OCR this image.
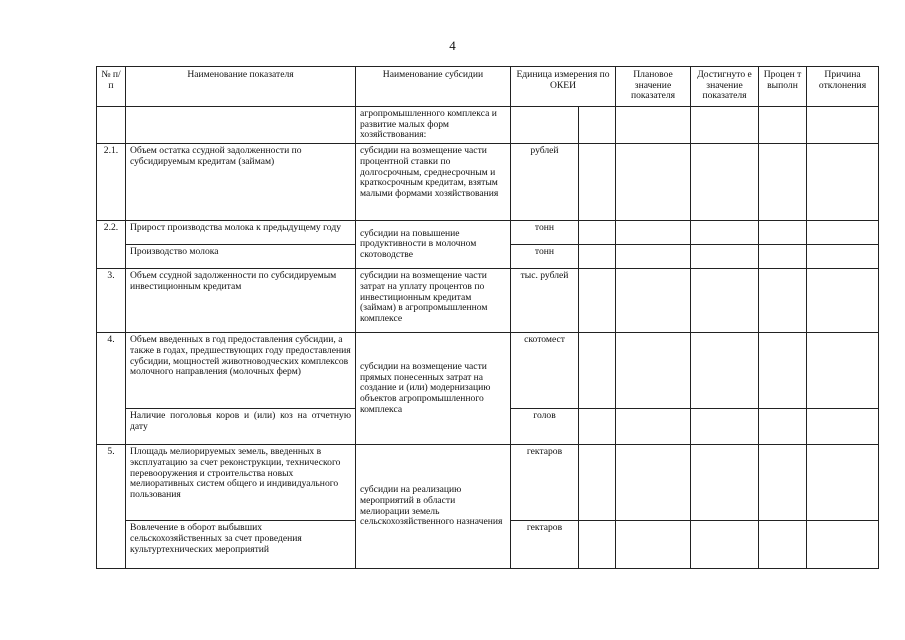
4
№ п/п	Наименование показателя	Наименование субсидии	Единица измерения по ОКЕИ		Плановое значение показателя	Достигнуто е значение показателя	Процен т выполн	Причина отклонения
		агропромышленного комплекса и развитие малых форм хозяйствования:						
2.1.	Объем остатка ссудной задолженности по субсидируемым кредитам (займам)	субсидии на возмещение части процентной ставки по долгосрочным, среднесрочным и краткосрочным кредитам, взятым малыми формами хозяйствования	рублей					
2.2.	Прирост производства молока к предыдущему году	субсидии на повышение продуктивности в молочном скотоводстве	тонн					
	Производство молока		тонн					
3.	Объем ссудной задолженности по субсидируемым инвестиционным кредитам	субсидии на возмещение части затрат на уплату процентов по инвестиционным кредитам (займам) в агропромышленном комплексе	тыс. рублей					
4.	Объем введенных в год предоставления субсидии, а также в годах, предшествующих году предоставления субсидии, мощностей животноводческих комплексов молочного направления (молочных ферм)	субсидии на возмещение части прямых понесенных затрат на создание и (или) модернизацию объектов агропромышленного комплекса	скотомест					
	Наличие поголовья коров и (или) коз на отчетную дату		голов					
5.	Площадь мелиорируемых земель, введенных в эксплуатацию за счет реконструкции, технического перевооружения и строительства новых мелиоративных систем общего и индивидуального пользования	субсидии на реализацию мероприятий в области мелиорации земель сельскохозяйственного назначения	гектаров					
	Вовлечение в оборот выбывших сельскохозяйственных за счет проведения культуртехнических мероприятий		гектаров					
